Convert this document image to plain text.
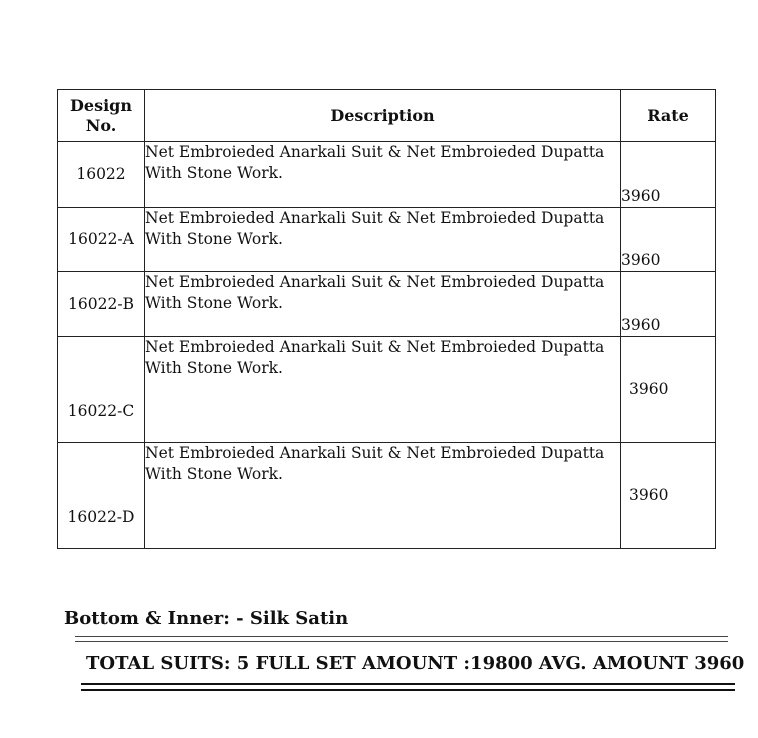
Design
No.	Description	Rate
16022	Net Embroieded Anarkali Suit & Net Embroieded Dupatta With Stone Work.	3960
16022-A	Net Embroieded Anarkali Suit & Net Embroieded Dupatta With Stone Work.	3960
16022-B	Net Embroieded Anarkali Suit & Net Embroieded Dupatta With Stone Work.	3960
16022-C	Net Embroieded Anarkali Suit & Net Embroieded Dupatta With Stone Work.	3960
16022-D	Net Embroieded Anarkali Suit & Net Embroieded Dupatta With Stone Work.	3960
Bottom & Inner: - Silk Satin
TOTAL SUITS: 5 FULL SET AMOUNT :19800 AVG. AMOUNT 3960
